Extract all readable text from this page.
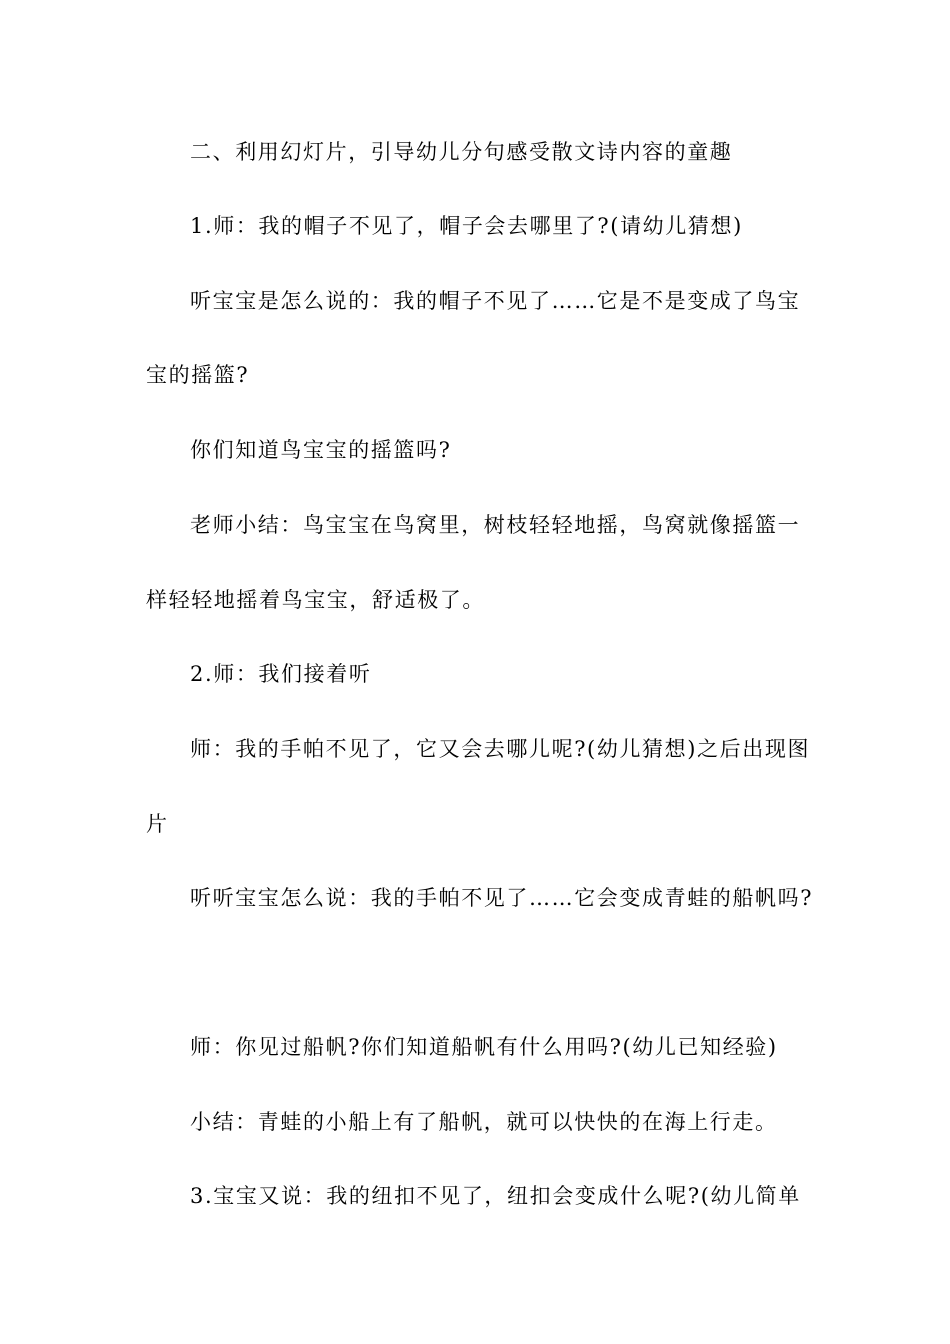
二、利用幻灯片，引导幼儿分句感受散文诗内容的童趣
1.师：我的帽子不见了，帽子会去哪里了?(请幼儿猜想)
听宝宝是怎么说的：我的帽子不见了……它是不是变成了鸟宝
宝的摇篮?
你们知道鸟宝宝的摇篮吗?
老师小结：鸟宝宝在鸟窝里，树枝轻轻地摇，鸟窝就像摇篮一
样轻轻地摇着鸟宝宝，舒适极了。
2.师：我们接着听
师：我的手帕不见了，它又会去哪儿呢?(幼儿猜想)之后出现图
片
听听宝宝怎么说：我的手帕不见了……它会变成青蛙的船帆吗?
师：你见过船帆?你们知道船帆有什么用吗?(幼儿已知经验)
小结：青蛙的小船上有了船帆，就可以快快的在海上行走。
3.宝宝又说：我的纽扣不见了，纽扣会变成什么呢?(幼儿简单
